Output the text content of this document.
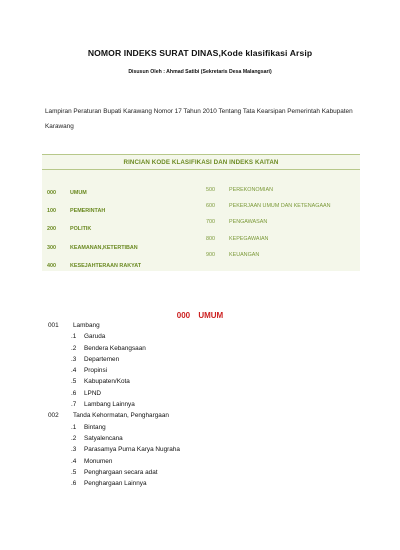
NOMOR INDEKS SURAT DINAS,Kode klasifikasi Arsip
Disusun Oleh : Ahmad Satibi (Sekretaris Desa Malangsari)
Lampiran Peraturan Bupati Karawang Nomor 17 Tahun 2010 Tentang Tata Kearsipan Pemerintah Kabupaten Karawang
RINCIAN KODE KLASIFIKASI DAN INDEKS KAITAN
000	UMUM
100	PEMERINTAH
200	POLITIK
300	KEAMANAN,KETERTIBAN
400	KESEJAHTERAAN RAKYAT
500	PEREKONOMIAN
600	PEKERJAAN UMUM DAN KETENAGAAN
700	PENGAWASAN
800	KEPEGAWAIAN
900	KEUANGAN
000 UMUM
001 Lambang
.1 Garuda
.2 Bendera Kebangsaan
.3 Departemen
.4 Propinsi
.5 Kabupaten/Kota
.6 LPND
.7 Lambang Lainnya
002 Tanda Kehormatan, Penghargaan
.1 Bintang
.2 Satyalencana
.3 Parasamya Purna Karya Nugraha
.4 Monumen
.5 Penghargaan secara adat
.6 Penghargaan Lainnya
